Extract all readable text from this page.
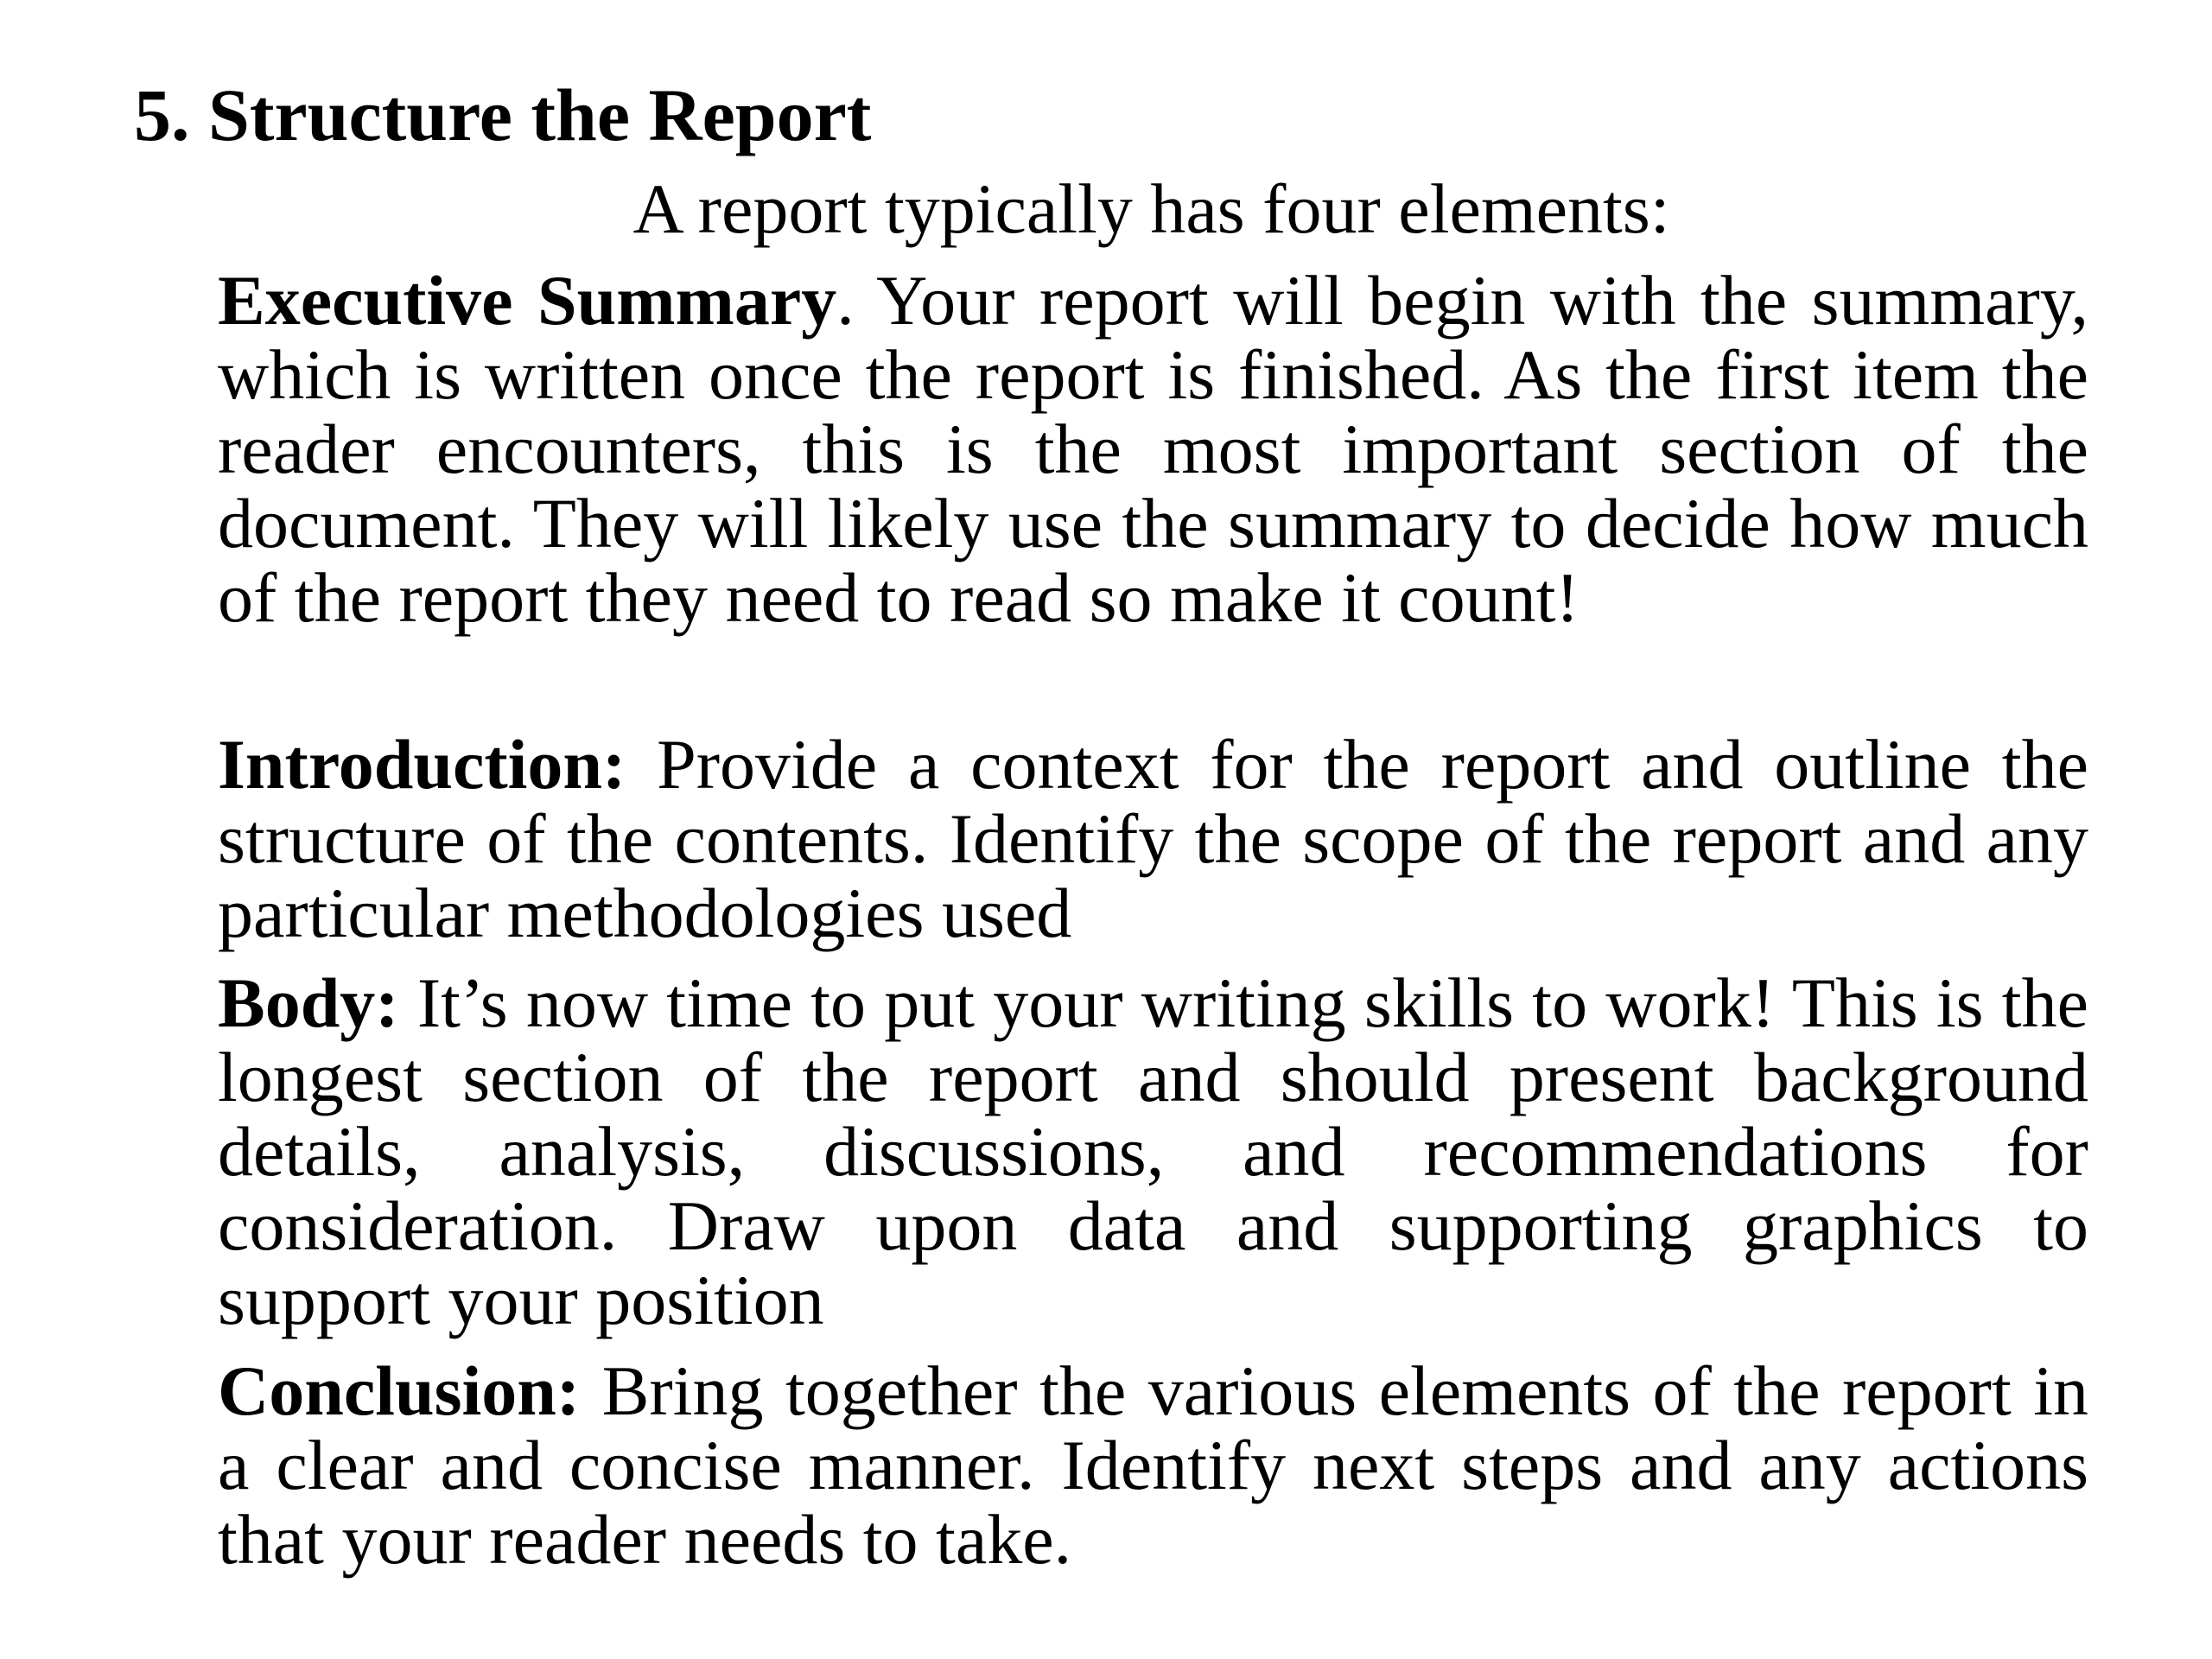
5. Structure the Report

A report typically has four elements:

Executive Summary. Your report will begin with the summary, which is written once the report is finished. As the first item the reader encounters, this is the most important section of the document. They will likely use the summary to decide how much of the report they need to read so make it count!

Introduction: Provide a context for the report and outline the structure of the contents. Identify the scope of the report and any particular methodologies used

Body: It’s now time to put your writing skills to work! This is the longest section of the report and should present background details, analysis, discussions, and recommendations for consideration. Draw upon data and supporting graphics to support your position

Conclusion: Bring together the various elements of the report in a clear and concise manner. Identify next steps and any actions that your reader needs to take.
